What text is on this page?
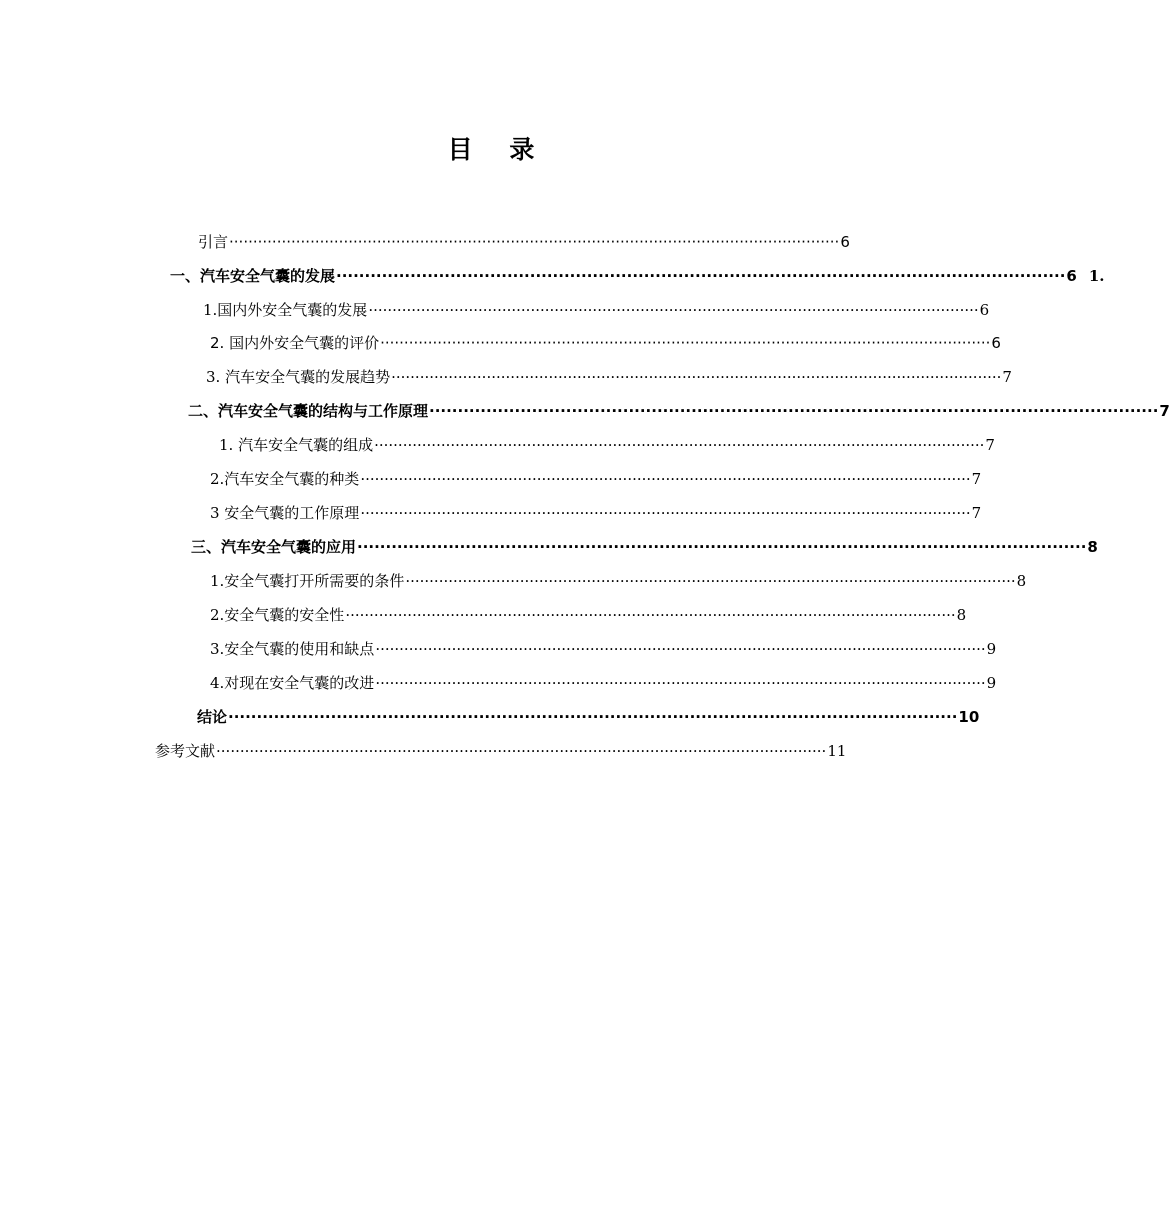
目 录
引言 ································································································································ 6
一、汽车安全气囊的发展 ································································································································ 6 1.
1.国内外安全气囊的发展 ································································································································ 6
2. 国内外安全气囊的评价 ································································································································ 6
3. 汽车安全气囊的发展趋势 ································································································································ 7
二、汽车安全气囊的结构与工作原理 ································································································································ 7
1. 汽车安全气囊的组成 ································································································································ 7
2.汽车安全气囊的种类 ································································································································ 7
3 安全气囊的工作原理 ································································································································ 7
三、汽车安全气囊的应用 ································································································································ 8
1.安全气囊打开所需要的条件 ································································································································ 8
2.安全气囊的安全性 ································································································································ 8
3.安全气囊的使用和缺点 ································································································································ 9
4.对现在安全气囊的改进 ································································································································ 9
结论 ································································································································ 10
参考文献 ································································································································ 11
